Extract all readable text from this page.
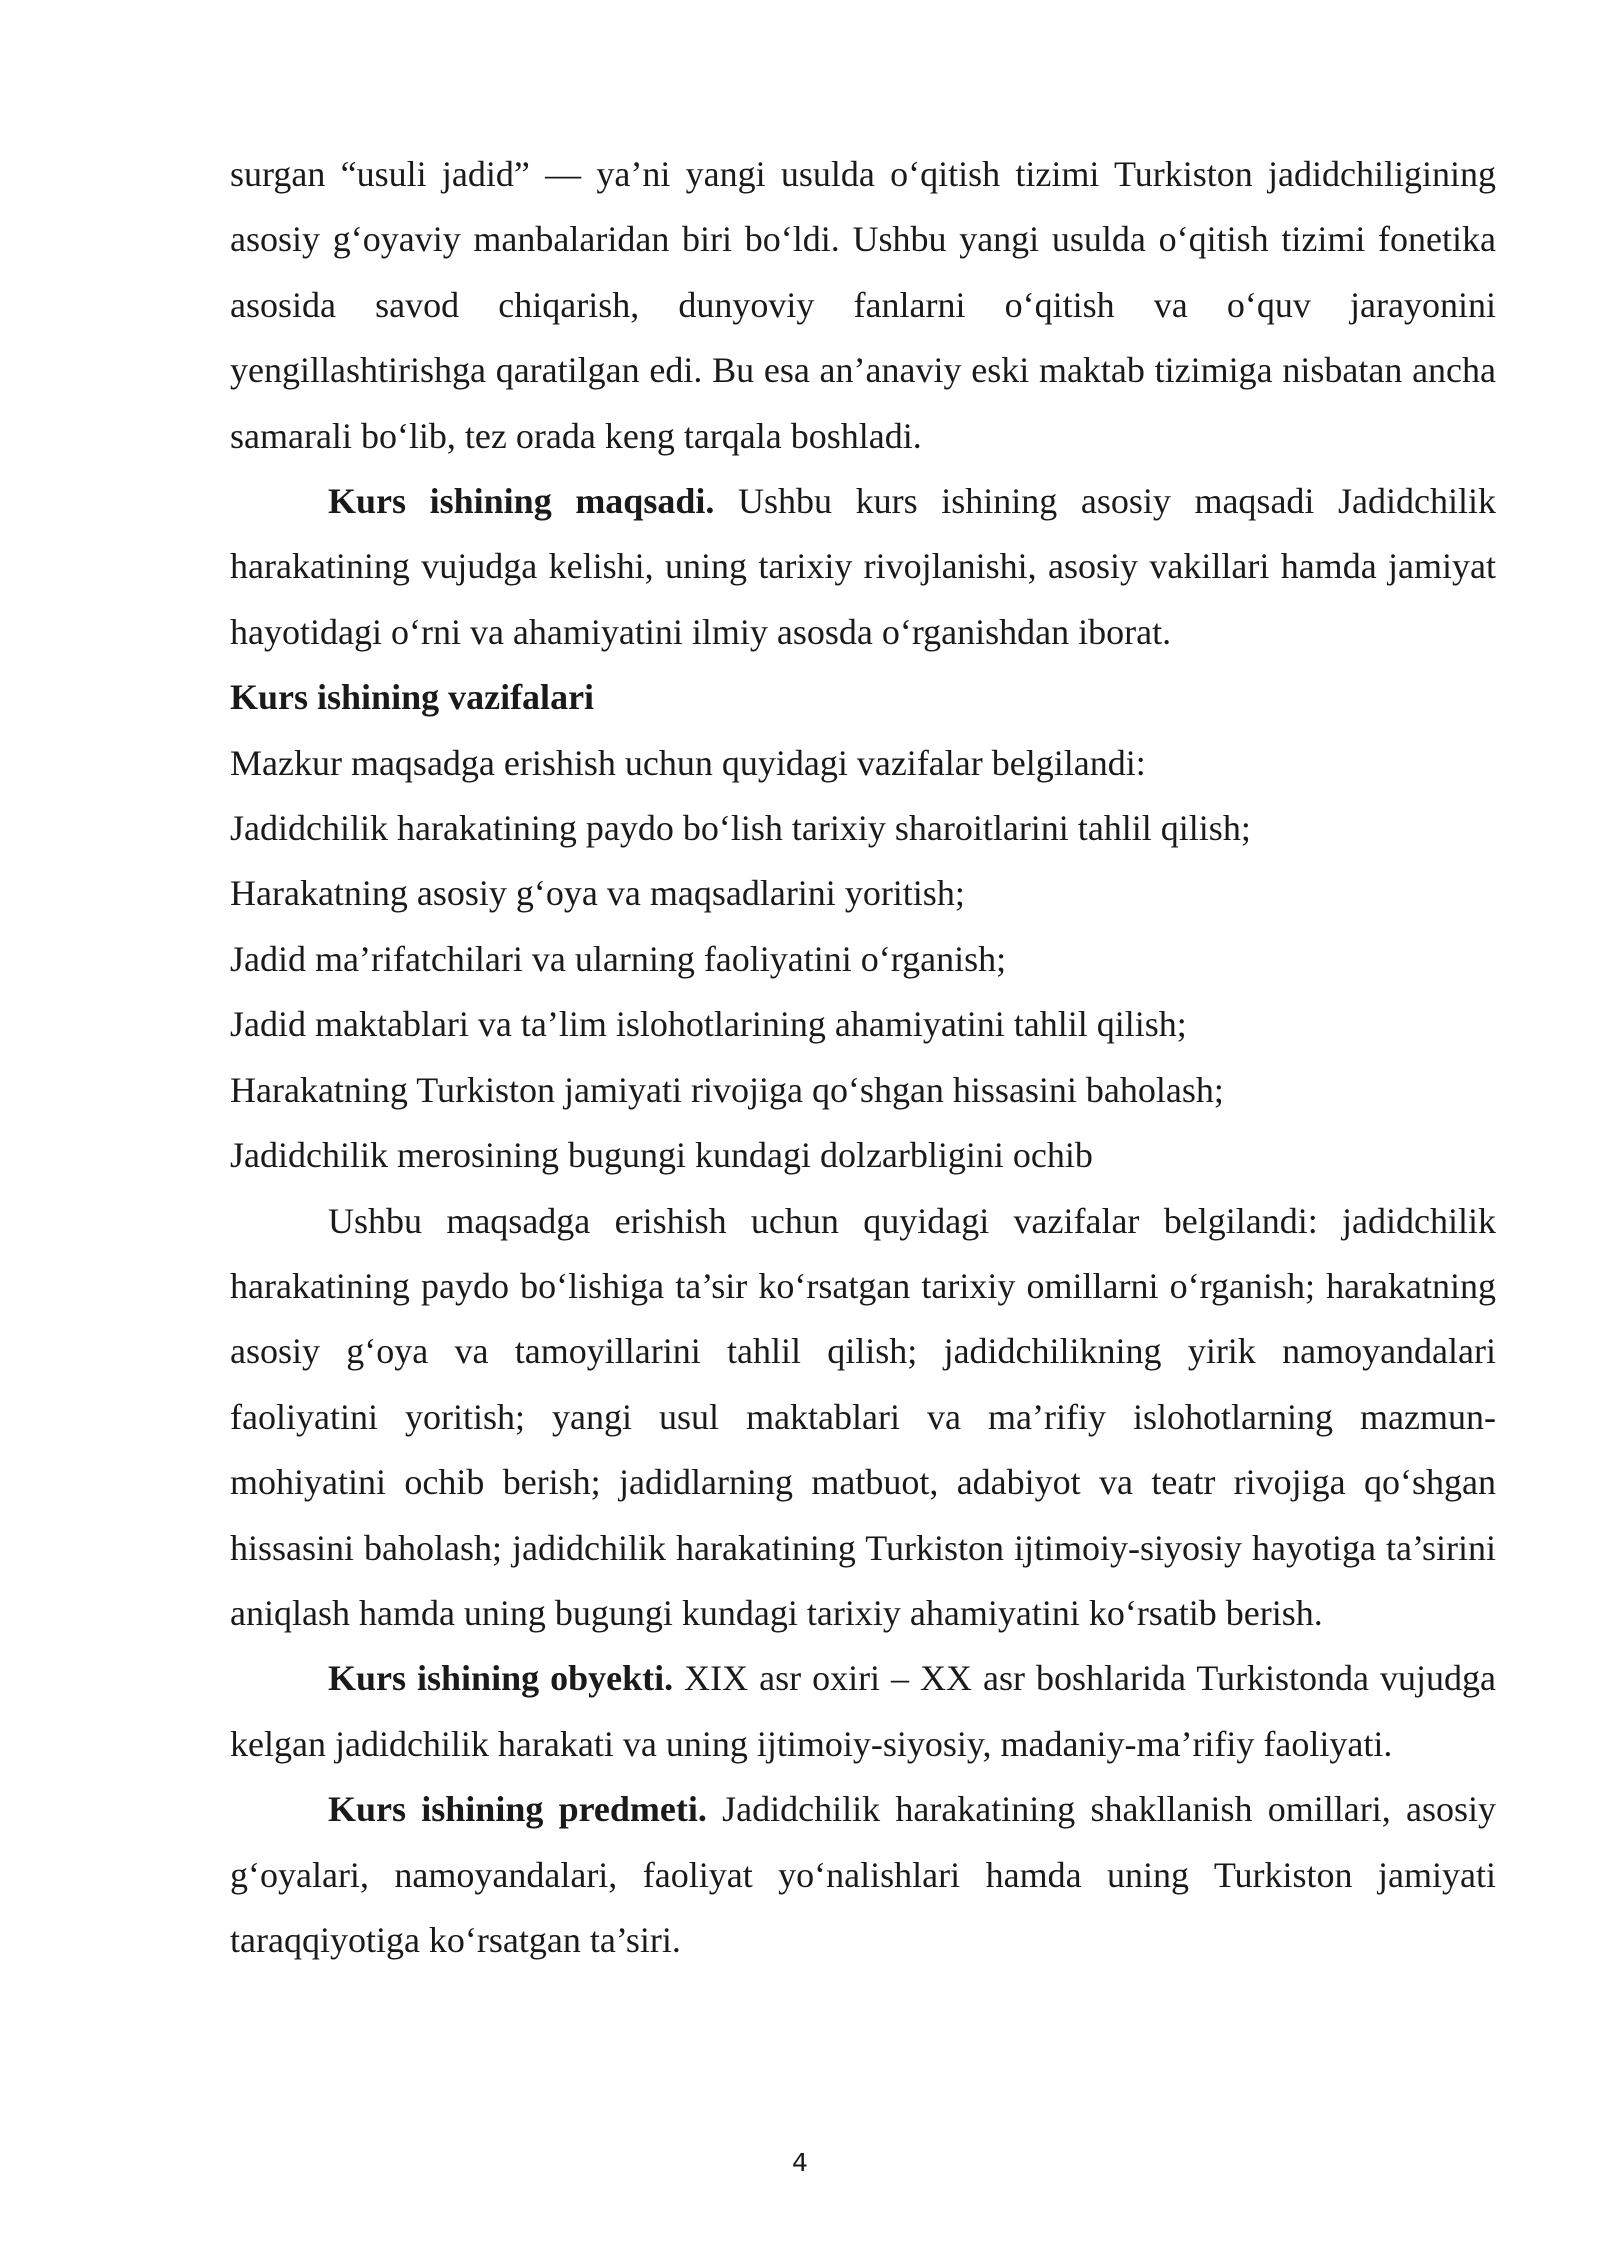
surgan “usuli jadid” — ya’ni yangi usulda o‘qitish tizimi Turkiston jadidchiligining asosiy g‘oyaviy manbalaridan biri bo‘ldi. Ushbu yangi usulda o‘qitish tizimi fonetika asosida savod chiqarish, dunyoviy fanlarni o‘qitish va o‘quv jarayonini yengillashtirishga qaratilgan edi. Bu esa an’anaviy eski maktab tizimiga nisbatan ancha samarali bo‘lib, tez orada keng tarqala boshladi.

Kurs ishining maqsadi. Ushbu kurs ishining asosiy maqsadi Jadidchilik harakatining vujudga kelishi, uning tarixiy rivojlanishi, asosiy vakillari hamda jamiyat hayotidagi o‘rni va ahamiyatini ilmiy asosda o‘rganishdan iborat.

Kurs ishining vazifalari

Mazkur maqsadga erishish uchun quyidagi vazifalar belgilandi:

Jadidchilik harakatining paydo bo‘lish tarixiy sharoitlarini tahlil qilish;

Harakatning asosiy g‘oya va maqsadlarini yoritish;

Jadid ma’rifatchilari va ularning faoliyatini o‘rganish;

Jadid maktablari va ta’lim islohotlarining ahamiyatini tahlil qilish;

Harakatning Turkiston jamiyati rivojiga qo‘shgan hissasini baholash;

Jadidchilik merosining bugungi kundagi dolzarbligini ochib

Ushbu maqsadga erishish uchun quyidagi vazifalar belgilandi: jadidchilik harakatining paydo bo‘lishiga ta’sir ko‘rsatgan tarixiy omillarni o‘rganish; harakatning asosiy g‘oya va tamoyillarini tahlil qilish; jadidchilikning yirik namoyandalari faoliyatini yoritish; yangi usul maktablari va ma’rifiy islohotlarning mazmun-mohiyatini ochib berish; jadidlarning matbuot, adabiyot va teatr rivojiga qo‘shgan hissasini baholash; jadidchilik harakatining Turkiston ijtimoiy-siyosiy hayotiga ta’sirini aniqlash hamda uning bugungi kundagi tarixiy ahamiyatini ko‘rsatib berish.

Kurs ishining obyekti. XIX asr oxiri – XX asr boshlarida Turkistonda vujudga kelgan jadidchilik harakati va uning ijtimoiy-siyosiy, madaniy-ma’rifiy faoliyati.

Kurs ishining predmeti. Jadidchilik harakatining shakllanish omillari, asosiy g‘oyalari, namoyandalari, faoliyat yo‘nalishlari hamda uning Turkiston jamiyati taraqqiyotiga ko‘rsatgan ta’siri.

4
